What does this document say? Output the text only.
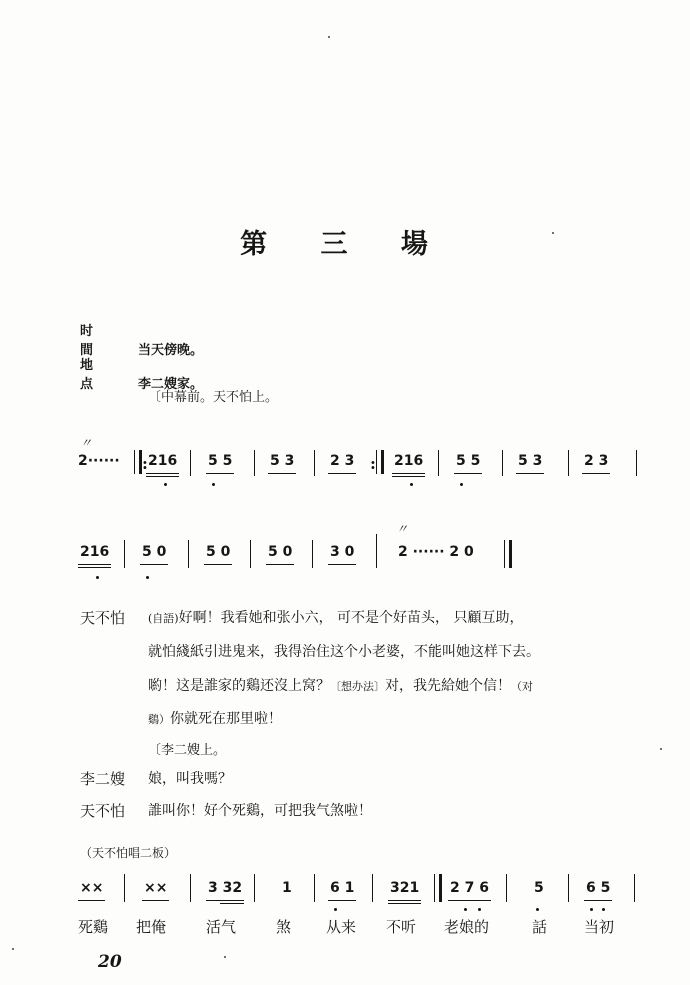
第 三 場
时 間	当天傍晚。
地 点	李二嫂家。
〔中幕前。天不怕上。
〃
2······ : 216 5 5	5 3	2 3 : 216 5 5	5 3	2 3
216 5 0	5 0	5 0	3 0
〃
2 ······ 2 0
天不怕 (自語)好啊！我看她和张小六， 可不是个好苗头， 只顧互助，
就怕綫紙引进鬼来，我得治住这个小老婆，不能叫她这样下去。
喲！这是誰家的鷄还沒上窝？〔想办法〕对，我先給她个信！（对
鷄）你就死在那里啦！
〔李二嫂上。
李二嫂 娘，叫我嗎？
天不怕 誰叫你！好个死鷄，可把我气煞啦！
（天不怕唱二板）
××	××	3 32	1	6 1	321 2 7 6	5	6 5
死鷄 把俺	活气	煞 从来 不听 老娘的	話 当初
20
